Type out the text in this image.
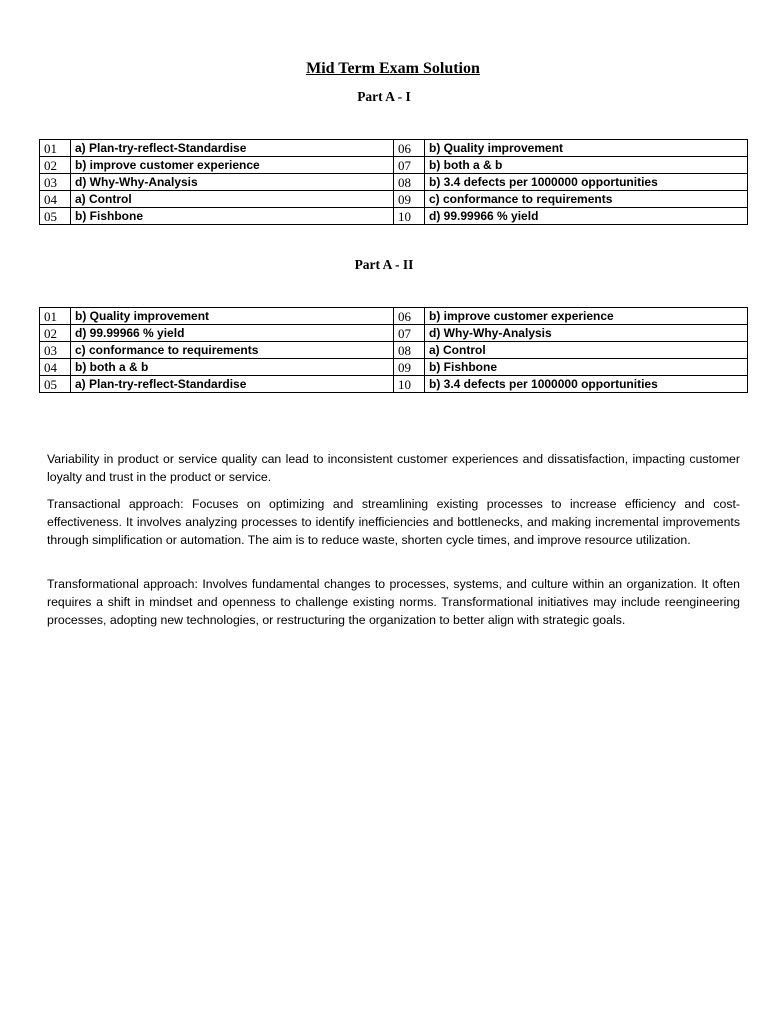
Mid Term Exam Solution
Part A - I
01	a) Plan-try-reflect-Standardise	06	b) Quality improvement
02	b) improve customer experience	07	b) both a & b
03	d) Why-Why-Analysis	08	b) 3.4 defects per 1000000 opportunities
04	a) Control	09	c) conformance to requirements
05	b) Fishbone	10	d) 99.99966 % yield
Part A - II
01	b) Quality improvement	06	b) improve customer experience
02	d) 99.99966 % yield	07	d) Why-Why-Analysis
03	c) conformance to requirements	08	a) Control
04	b) both a & b	09	b) Fishbone
05	a) Plan-try-reflect-Standardise	10	b) 3.4 defects per 1000000 opportunities

Variability in product or service quality can lead to inconsistent customer experiences and dissatisfaction, impacting customer loyalty and trust in the product or service.

Transactional approach: Focuses on optimizing and streamlining existing processes to increase efficiency and cost-effectiveness. It involves analyzing processes to identify inefficiencies and bottlenecks, and making incremental improvements through simplification or automation. The aim is to reduce waste, shorten cycle times, and improve resource utilization.

Transformational approach: Involves fundamental changes to processes, systems, and culture within an organization. It often requires a shift in mindset and openness to challenge existing norms. Transformational initiatives may include reengineering processes, adopting new technologies, or restructuring the organization to better align with strategic goals.
